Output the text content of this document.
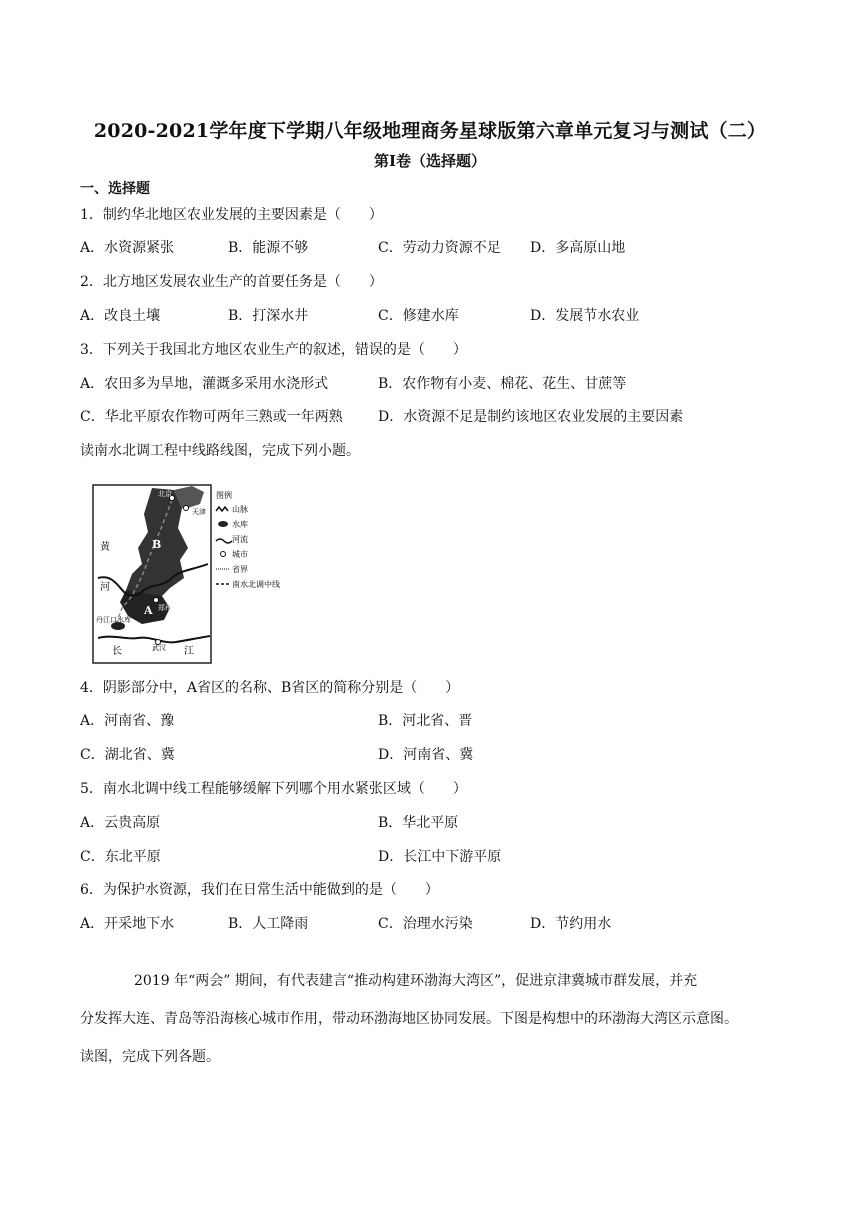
2020-2021学年度下学期八年级地理商务星球版第六章单元复习与测试（二）
第Ⅰ卷（选择题）
一、选择题
1．制约华北地区农业发展的主要因素是（　　）
A．水资源紧张	B．能源不够	C．劳动力资源不足 D．多高原山地
2．北方地区发展农业生产的首要任务是（　　）
A．改良土壤	B．打深水井	C．修建水库	D．发展节水农业
3．下列关于我国北方地区农业生产的叙述，错误的是（　　）
A．农田多为旱地，灌溉多采用水浇形式	B．农作物有小麦、棉花、花生、甘蔗等
C．华北平原农作物可两年三熟或一年两熟	D．水资源不足是制约该地区农业发展的主要因素
读南水北调工程中线路线图，完成下列小题。
北京
天津
黄
河
B
A 郑州
丹江口水库
武汉
长	江
图例
山脉
水库
河流
城市
省界
南水北调中线
4．阴影部分中，A省区的名称、B省区的简称分别是（　　）
A．河南省、豫	B．河北省、晋
C．湖北省、冀	D．河南省、冀
5．南水北调中线工程能够缓解下列哪个用水紧张区域（　　）
A．云贵高原	B．华北平原
C．东北平原	D．长江中下游平原
6．为保护水资源，我们在日常生活中能做到的是（　　）
A．开采地下水	B．人工降雨	C．治理水污染	D．节约用水
2019 年“两会” 期间，有代表建言“推动构建环渤海大湾区”，促进京津冀城市群发展，并充
分发挥大连、青岛等沿海核心城市作用，带动环渤海地区协同发展。下图是构想中的环渤海大湾区示意图。
读图，完成下列各题。
